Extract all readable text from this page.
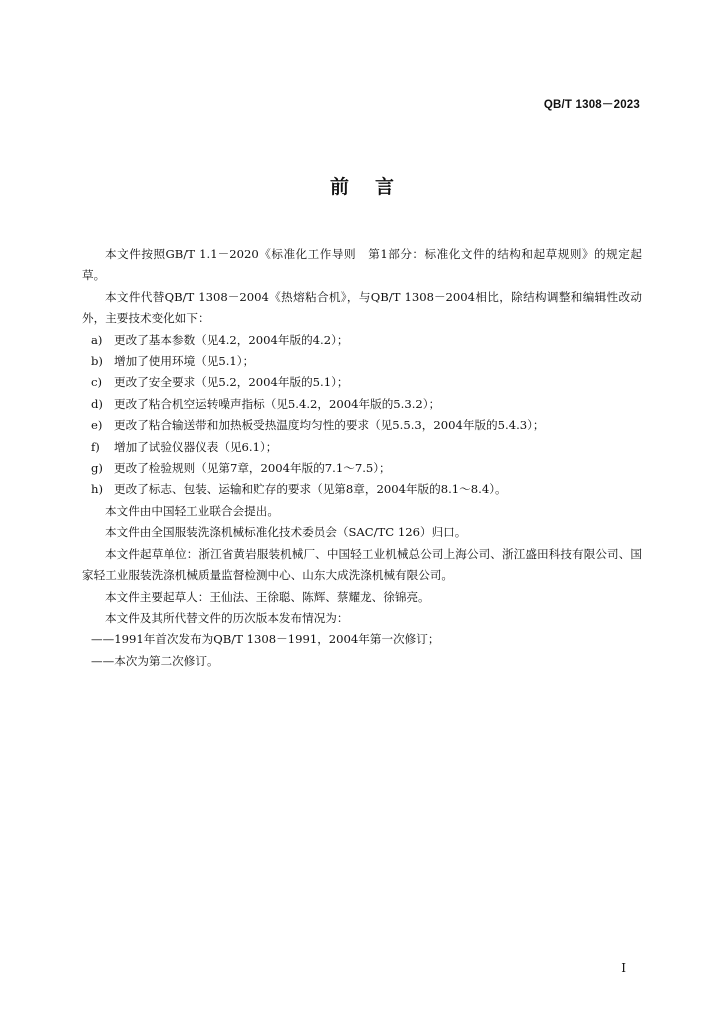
QB/T 1308－2023
前言

本文件按照GB/T 1.1－2020《标准化工作导则　第1部分：标准化文件的结构和起草规则》的规定起草。

本文件代替QB/T 1308－2004《热熔粘合机》，与QB/T 1308－2004相比，除结构调整和编辑性改动外，主要技术变化如下：

a) 更改了基本参数（见4.2，2004年版的4.2）；
b) 增加了使用环境（见5.1）；
c)	更改了安全要求（见5.2，2004年版的5.1）；
d) 更改了粘合机空运转噪声指标（见5.4.2，2004年版的5.3.2）；
e)	更改了粘合输送带和加热板受热温度均匀性的要求（见5.5.3，2004年版的5.4.3）；
f)	增加了试验仪器仪表（见6.1）；
g) 更改了检验规则（见第7章，2004年版的7.1～7.5）；
h) 更改了标志、包装、运输和贮存的要求（见第8章，2004年版的8.1～8.4）。

本文件由中国轻工业联合会提出。

本文件由全国服装洗涤机械标准化技术委员会（SAC/TC 126）归口。

本文件起草单位：浙江省黄岩服装机械厂、中国轻工业机械总公司上海公司、浙江盛田科技有限公司、国家轻工业服装洗涤机械质量监督检测中心、山东大成洗涤机械有限公司。

本文件主要起草人：王仙法、王徐聪、陈辉、蔡耀龙、徐锦亮。

本文件及其所代替文件的历次版本发布情况为：

——1991年首次发布为QB/T 1308－1991，2004年第一次修订；

——本次为第二次修订。

I
